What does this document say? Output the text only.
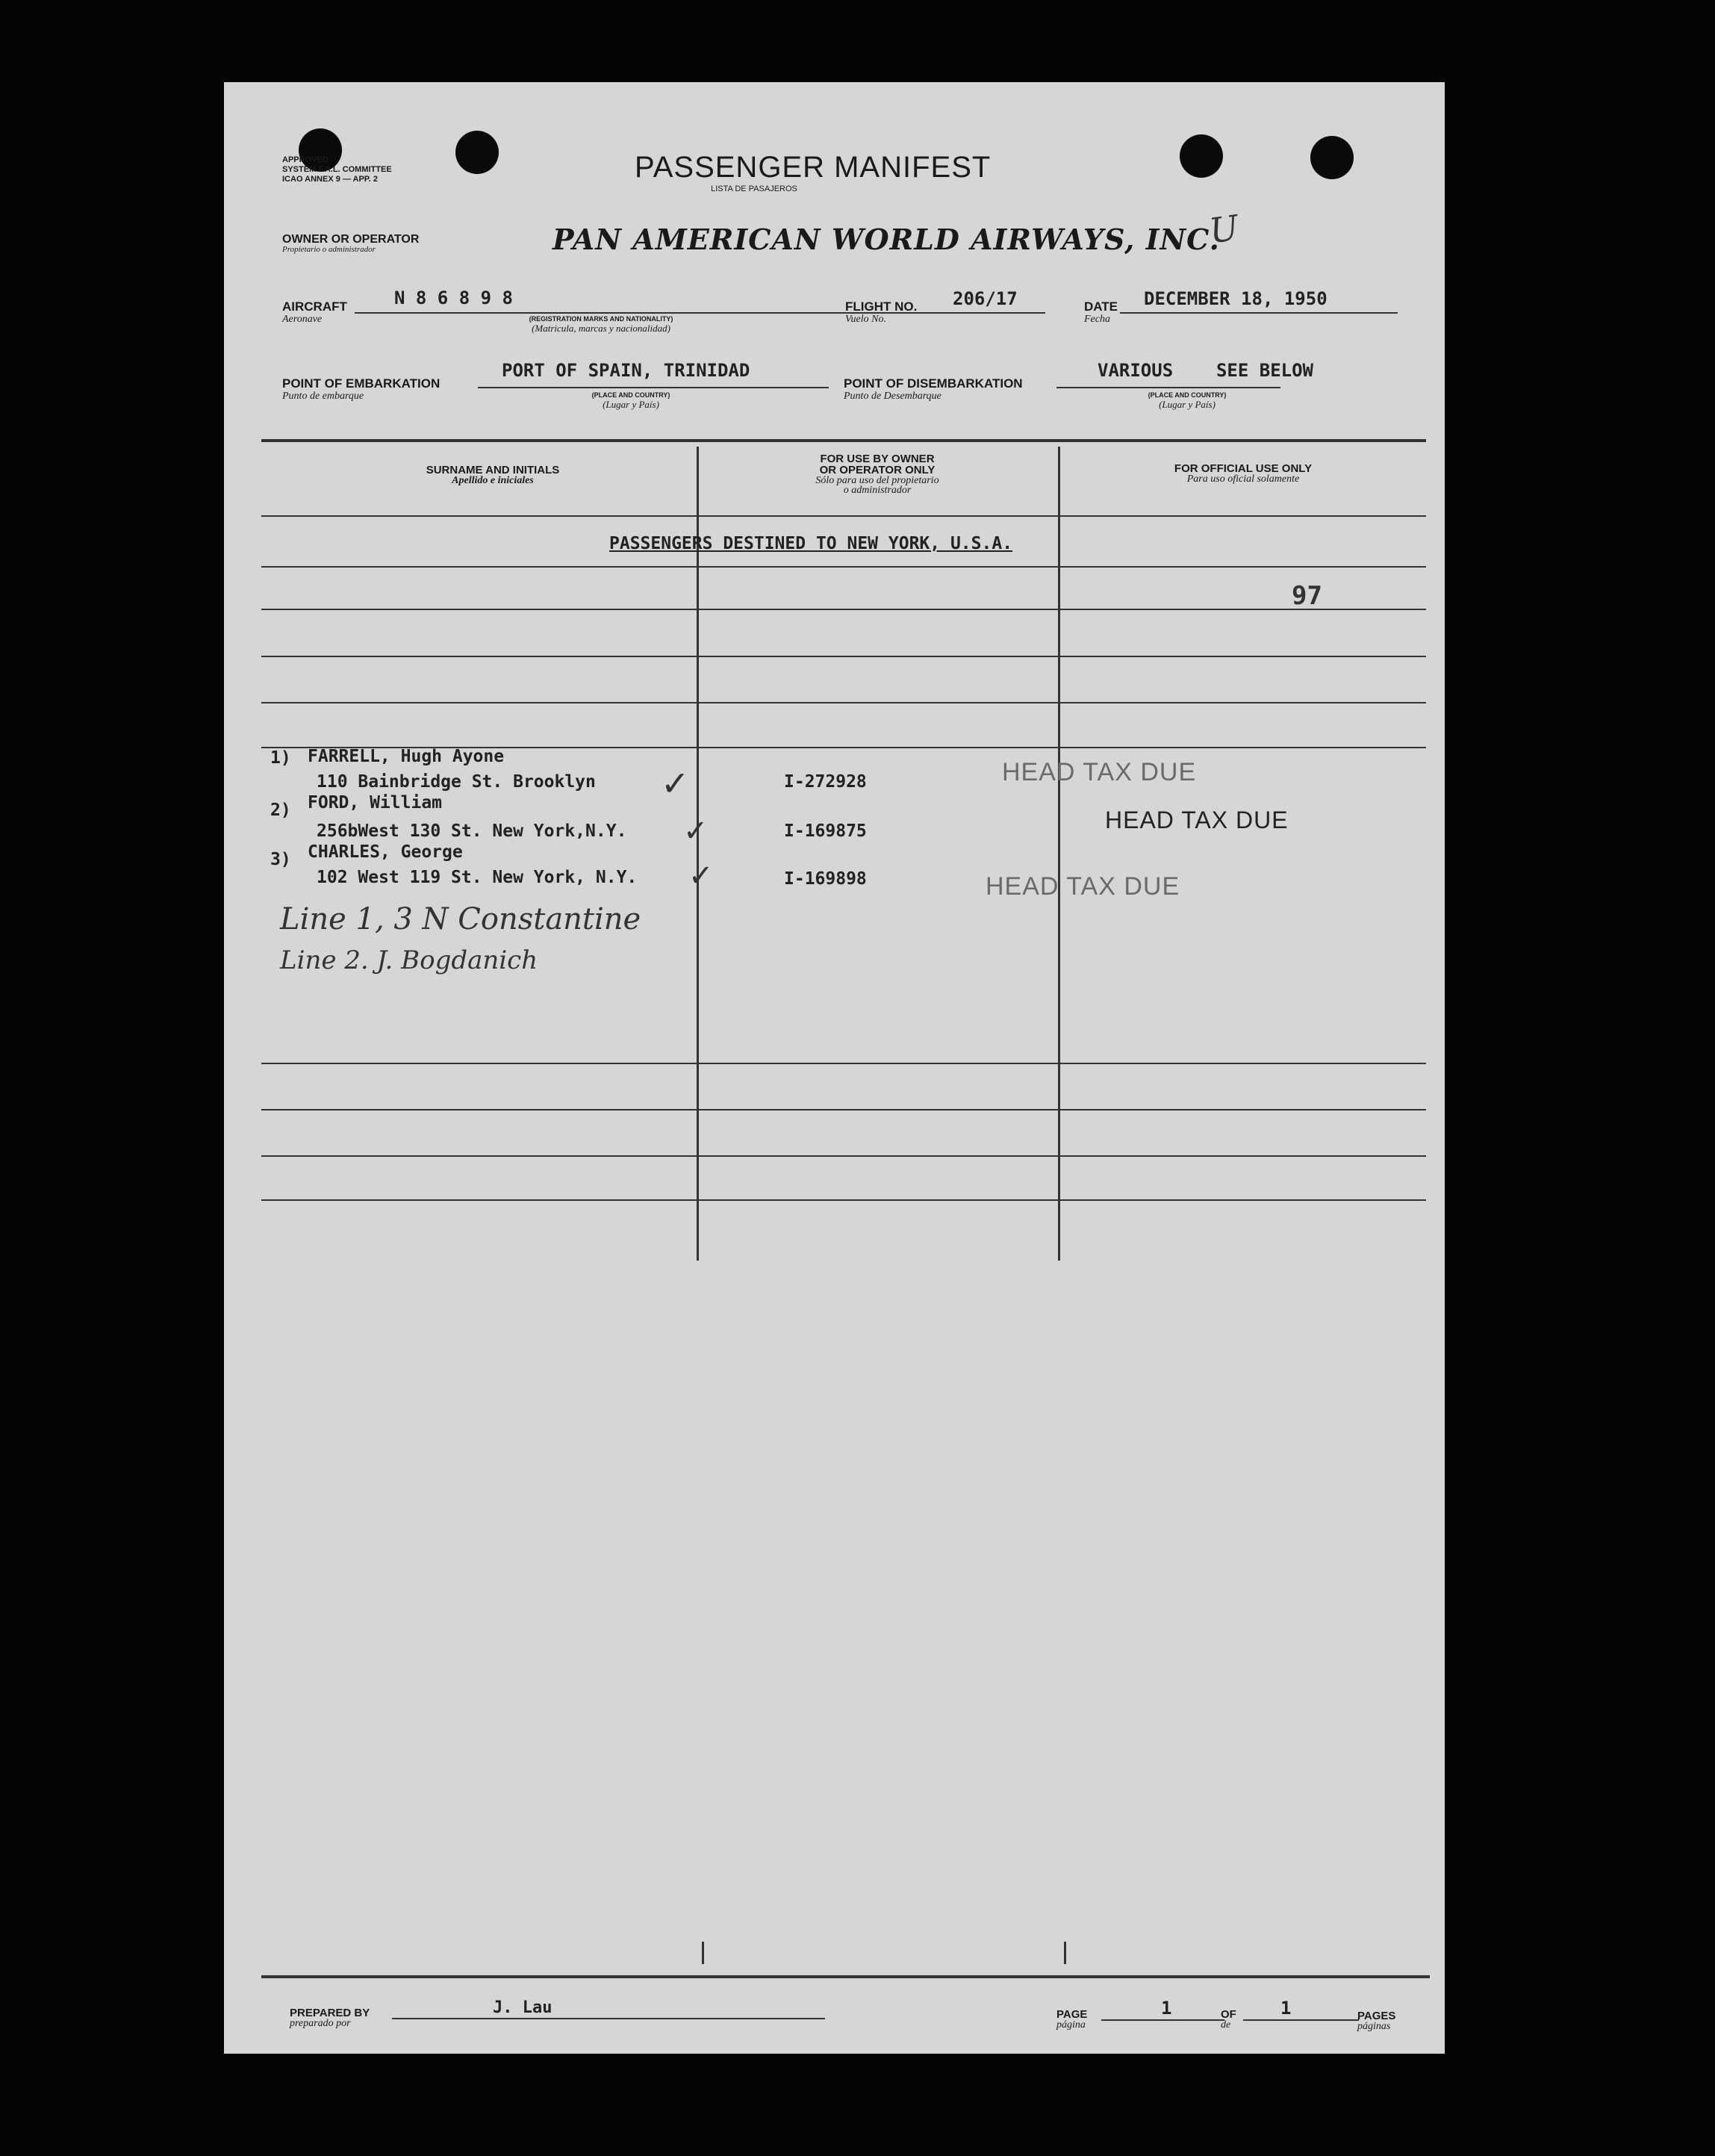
APPROVED
SYSTEM F.A.L. COMMITTEE
ICAO ANNEX 9 — APP. 2	PASSENGER MANIFEST
LISTA DE PASAJEROS
OWNER OR OPERATOR
Propietario o administrador	PAN AMERICAN WORLD AIRWAYS, INC.
U
AIRCRAFT
Aeronave
N 8 6 8 9 8
(REGISTRATION MARKS AND NATIONALITY)
(Matricula, marcas y nacionalidad)
FLIGHT NO.
Vuelo No.
206/17	DATE
Fecha
DECEMBER 18, 1950
POINT OF EMBARKATION
Punto de embarque
PORT OF SPAIN, TRINIDAD
(PLACE AND COUNTRY)
(Lugar y País)
POINT OF DISEMBARKATION
Punto de Desembarque
VARIOUS    SEE BELOW
(PLACE AND COUNTRY)
(Lugar y País)
SURNAME AND INITIALS
Apellido e iniciales
FOR USE BY OWNER
OR OPERATOR ONLY
Sólo para uso del propietario
o administrador
FOR OFFICIAL USE ONLY
Para uso oficial solamente
PASSENGERS DESTINED TO NEW YORK, U.S.A.
97
1) FARRELL, Hugh Ayone
110 Bainbridge St. Brooklyn ✓	I-272928	HEAD TAX DUE
2) FORD, William
256bWest 130 St. New York,N.Y. ✓	I-169875	HEAD TAX DUE
3) CHARLES, George
102 West 119 St. New York, N.Y. ✓	I-169898	HEAD TAX DUE
Line 1, 3 N Constantine
Line 2. J. Bogdanich
PREPARED BY
preparado por
J. Lau	PAGE
página
1	OF
de
1	PAGES
páginas
